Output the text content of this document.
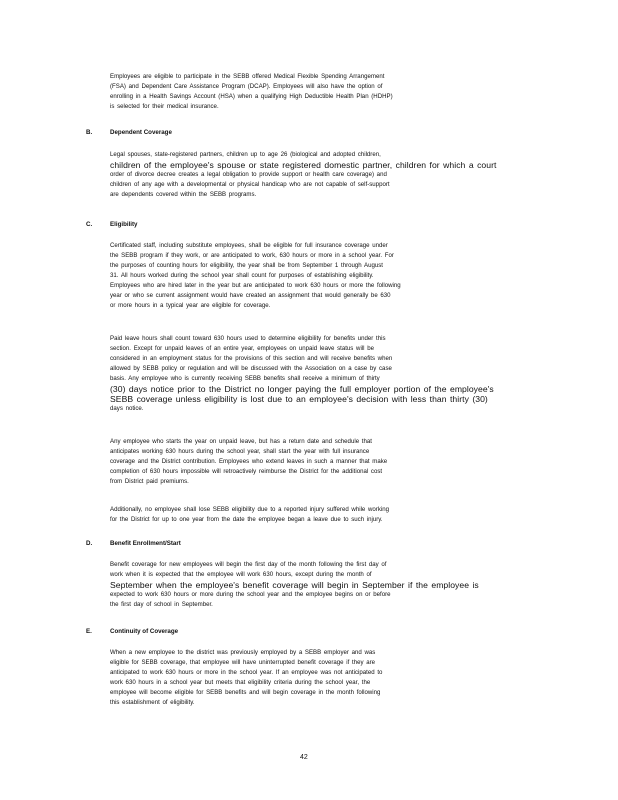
Employees are eligible to participate in the SEBB offered Medical Flexible Spending Arrangement
(FSA) and Dependent Care Assistance Program (DCAP). Employees will also have the option of
enrolling in a Health Savings Account (HSA) when a qualifying High Deductible Health Plan (HDHP)
is selected for their medical insurance.
B.	Dependent Coverage
Legal spouses, state-registered partners, children up to age 26 (biological and adopted children,
children of the employee's spouse or state registered domestic partner, children for which a court
order of divorce decree creates a legal obligation to provide support or health care coverage) and
children of any age with a developmental or physical handicap who are not capable of self-support
are dependents covered within the SEBB programs.
C.	Eligibility
Certificated staff, including substitute employees, shall be eligible for full insurance coverage under
the SEBB program if they work, or are anticipated to work, 630 hours or more in a school year. For
the purposes of counting hours for eligibility, the year shall be from September 1 through August
31. All hours worked during the school year shall count for purposes of establishing eligibility.
Employees who are hired later in the year but are anticipated to work 630 hours or more the following
year or who se current assignment would have created an assignment that would generally be 630
or more hours in a typical year are eligible for coverage.
Paid leave hours shall count toward 630 hours used to determine eligibility for benefits under this
section. Except for unpaid leaves of an entire year, employees on unpaid leave status will be
considered in an employment status for the provisions of this section and will receive benefits when
allowed by SEBB policy or regulation and will be discussed with the Association on a case by case
basis. Any employee who is currently receiving SEBB benefits shall receive a minimum of thirty
(30) days notice prior to the District no longer paying the full employer portion of the employee's
SEBB coverage unless eligibility is lost due to an employee's decision with less than thirty (30)
days notice.
Any employee who starts the year on unpaid leave, but has a return date and schedule that
anticipates working 630 hours during the school year, shall start the year with full insurance
coverage and the District contribution. Employees who extend leaves in such a manner that make
completion of 630 hours impossible will retroactively reimburse the District for the additional cost
from District paid premiums.
Additionally, no employee shall lose SEBB eligibility due to a reported injury suffered while working
for the District for up to one year from the date the employee began a leave due to such injury.
D.	Benefit Enrollment/Start
Benefit coverage for new employees will begin the first day of the month following the first day of
work when it is expected that the employee will work 630 hours, except during the month of
September when the employee's benefit coverage will begin in September if the employee is
expected to work 630 hours or more during the school year and the employee begins on or before
the first day of school in September.
E.	Continuity of Coverage
When a new employee to the district was previously employed by a SEBB employer and was
eligible for SEBB coverage, that employee will have uninterrupted benefit coverage if they are
anticipated to work 630 hours or more in the school year. If an employee was not anticipated to
work 630 hours in a school year but meets that eligibility criteria during the school year, the
employee will become eligible for SEBB benefits and will begin coverage in the month following
this establishment of eligibility.
42
